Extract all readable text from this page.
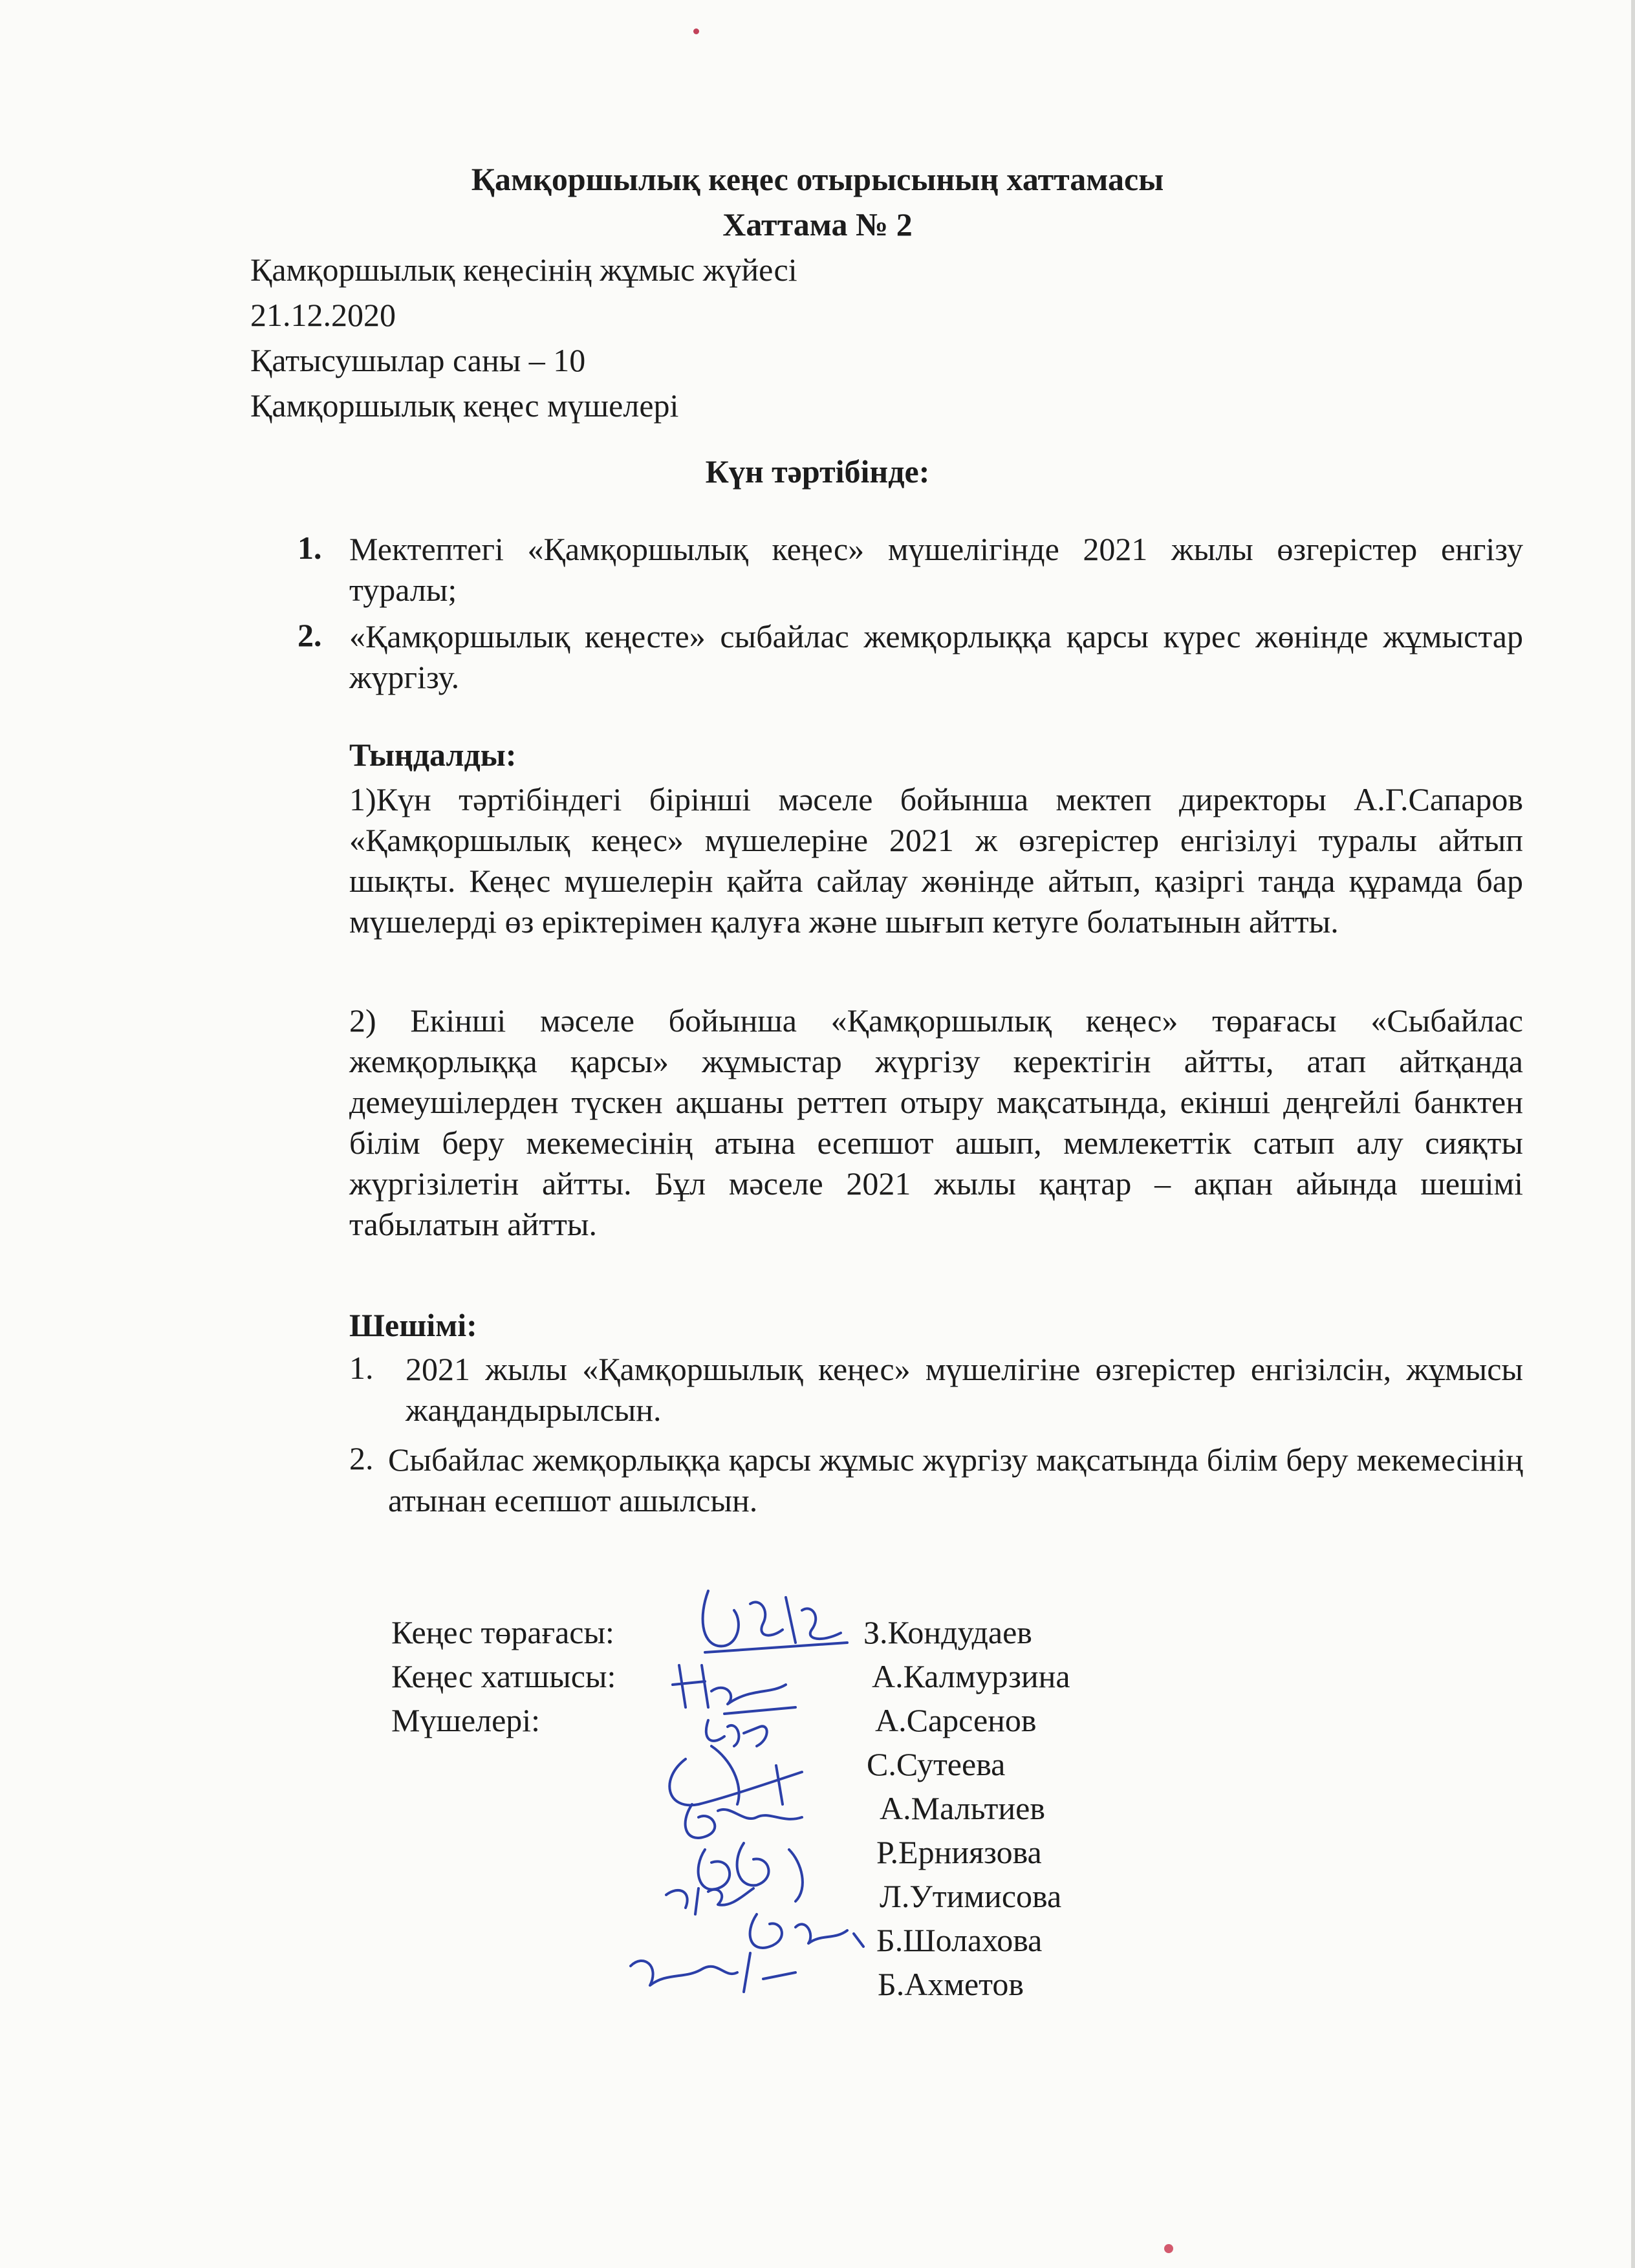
Қамқоршылық кеңес отырысының хаттамасы
Хаттама № 2

Қамқоршылық кеңесінің жұмыс жүйесі

21.12.2020

Қатысушылар саны – 10

Қамқоршылық кеңес мүшелері

Күн тәртібінде:
1. Мектептегі «Қамқоршылық кеңес» мүшелігінде 2021 жылы өзгерістер енгізу туралы;

2. «Қамқоршылық кеңесте» сыбайлас жемқорлыққа қарсы күрес жөнінде жұмыстар жүргізу.

Тыңдалды:

1)Күн тәртібіндегі бірінші мәселе бойынша мектеп директоры А.Г.Сапаров «Қамқоршылық кеңес» мүшелеріне 2021 ж өзгерістер енгізілуі туралы айтып шықты. Кеңес мүшелерін қайта сайлау жөнінде айтып, қазіргі таңда құрамда бар мүшелерді өз еріктерімен қалуға және шығып кетуге болатынын айтты.

2) Екінші мәселе бойынша «Қамқоршылық кеңес» төрағасы «Сыбайлас жемқорлыққа қарсы» жұмыстар жүргізу керектігін айтты, атап айтқанда демеушілерден түскен ақшаны реттеп отыру мақсатында, екінші деңгейлі банктен білім беру мекемесінің атына есепшот ашып, мемлекеттік сатып алу сияқты жүргізілетін айтты. Бұл мәселе 2021 жылы қаңтар – ақпан айында шешімі табылатын айтты.

Шешімі:
1. 2021 жылы «Қамқоршылық кеңес» мүшелігіне өзгерістер енгізілсін, жұмысы жаңдандырылсын.

2. Сыбайлас жемқорлыққа қарсы жұмыс жүргізу мақсатында білім беру мекемесінің атынан есепшот ашылсын.

Кеңес төрағасы:
Кеңес хатшысы:
Мүшелері:
З.Кондудаев
А.Калмурзина
А.Сарсенов
С.Сутеева
А.Мальтиев
Р.Ерниязова
Л.Утимисова
Б.Шолахова
Б.Ахметов
